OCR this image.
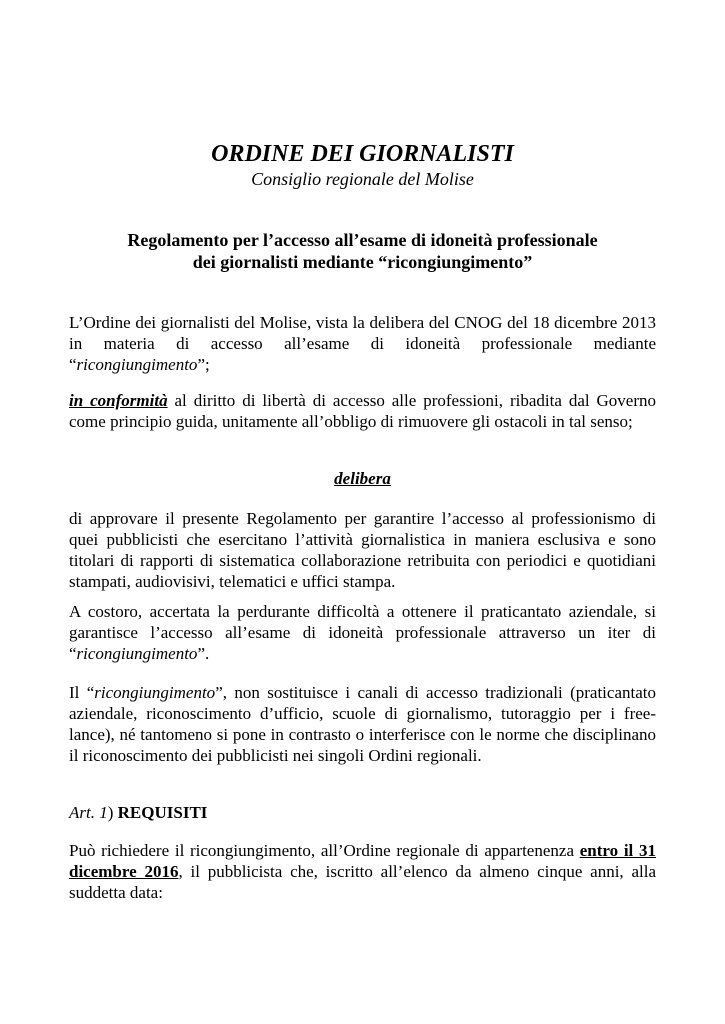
ORDINE DEI GIORNALISTI
Consiglio regionale del Molise
Regolamento per l’accesso all’esame di idoneità professionale
dei giornalisti mediante “ricongiungimento”
L’Ordine dei giornalisti del Molise, vista la delibera del CNOG del 18 dicembre 2013
in materia di accesso all’esame di idoneità professionale mediante
“ricongiungimento”;
in conformità al diritto di libertà di accesso alle professioni, ribadita dal Governo
come principio guida, unitamente all’obbligo di rimuovere gli ostacoli in tal senso;
delibera
di approvare il presente Regolamento per garantire l’accesso al professionismo di
quei pubblicisti che esercitano l’attività giornalistica in maniera esclusiva e sono
titolari di rapporti di sistematica collaborazione retribuita con periodici e quotidiani
stampati, audiovisivi, telematici e uffici stampa.
A costoro, accertata la perdurante difficoltà a ottenere il praticantato aziendale, si
garantisce l’accesso all’esame di idoneità professionale attraverso un iter di
“ricongiungimento”.
Il “ricongiungimento”, non sostituisce i canali di accesso tradizionali (praticantato
aziendale, riconoscimento d’ufficio, scuole di giornalismo, tutoraggio per i free-
lance), né tantomeno si pone in contrasto o interferisce con le norme che disciplinano
il riconoscimento dei pubblicisti nei singoli Ordini regionali.
Art. 1) REQUISITI
Può richiedere il ricongiungimento, all’Ordine regionale di appartenenza entro il 31
dicembre 2016, il pubblicista che, iscritto all’elenco da almeno cinque anni, alla
suddetta data:
